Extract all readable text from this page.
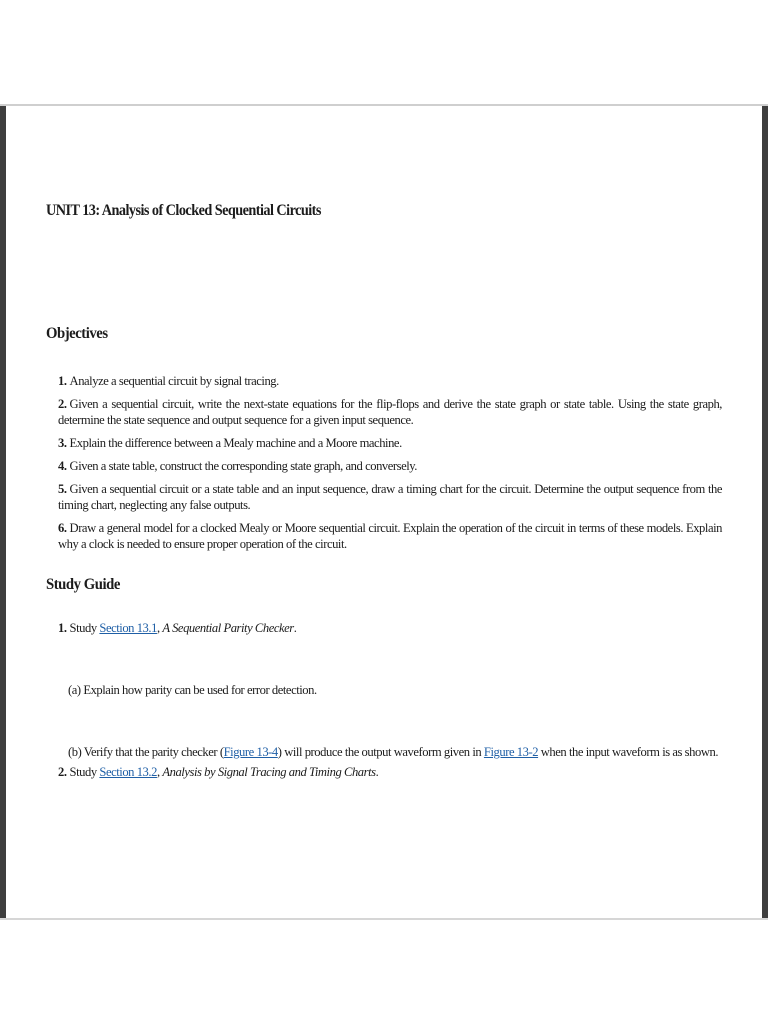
UNIT 13: Analysis of Clocked Sequential Circuits
Objectives
1. Analyze a sequential circuit by signal tracing.
2. Given a sequential circuit, write the next-state equations for the flip-flops and derive the state graph or state table. Using the state graph, determine the state sequence and output sequence for a given input sequence.
3. Explain the difference between a Mealy machine and a Moore machine.
4. Given a state table, construct the corresponding state graph, and conversely.
5. Given a sequential circuit or a state table and an input sequence, draw a timing chart for the circuit. Determine the output sequence from the timing chart, neglecting any false outputs.
6. Draw a general model for a clocked Mealy or Moore sequential circuit. Explain the operation of the circuit in terms of these models. Explain why a clock is needed to ensure proper operation of the circuit.
Study Guide
1. Study Section 13.1, A Sequential Parity Checker.
(a) Explain how parity can be used for error detection.
(b) Verify that the parity checker (Figure 13-4) will produce the output waveform given in Figure 13-2 when the input waveform is as shown.
2. Study Section 13.2, Analysis by Signal Tracing and Timing Charts.
